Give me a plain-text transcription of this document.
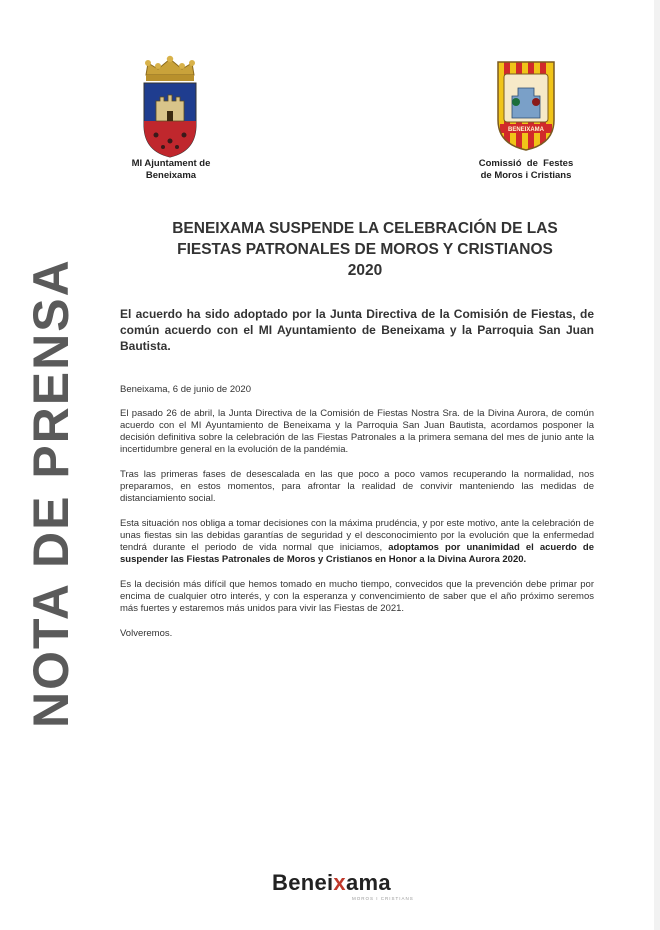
MI Ajuntament de
Beneixama
BENEIXAMA
Comissió  de  Festes
de Moros i Cristians
NOTA DE PRENSA
BENEIXAMA SUSPENDE LA CELEBRACIÓN DE LAS
FIESTAS PATRONALES DE MOROS Y CRISTIANOS
2020
El acuerdo ha sido adoptado por la Junta Directiva de la Comisión de Fiestas, de común acuerdo con el MI Ayuntamiento de Beneixama y la Parroquia San Juan Bautista.

Beneixama, 6 de junio de 2020

El pasado 26 de abril, la Junta Directiva de la Comisión de Fiestas Nostra Sra. de la Divina Aurora, de común acuerdo con el MI Ayuntamiento de Beneixama y la Parroquia San Juan Bautista, acordamos posponer la decisión definitiva sobre la celebración de las Fiestas Patronales a la primera semana del mes de junio ante la incertidumbre general en la evolución de la pandémia.

Tras las primeras fases de desescalada en las que poco a poco vamos recuperando la normalidad, nos preparamos, en estos momentos, para afrontar la realidad de convivir manteniendo las medidas de distanciamiento social.

Esta situación nos obliga a tomar decisiones con la máxima prudéncia, y por este motivo, ante la celebración de unas fiestas sin las debidas garantías de seguridad y el desconocimiento por la evolución que la enfermedad tendrá durante el periodo de vida normal que iniciamos, adoptamos por unanimidad el acuerdo de suspender las Fiestas Patronales de Moros y Cristianos en Honor a la Divina Aurora 2020.

Es la decisión más difícil que hemos tomado en mucho tiempo, convecidos que la prevención debe primar por encima de cualquier otro interés, y con la esperanza y convencimiento de saber que el año próximo seremos más fuertes y estaremos más unidos para vivir las Fiestas de 2021.

Volveremos.

Beneixama
MOROS I CRISTIANS
